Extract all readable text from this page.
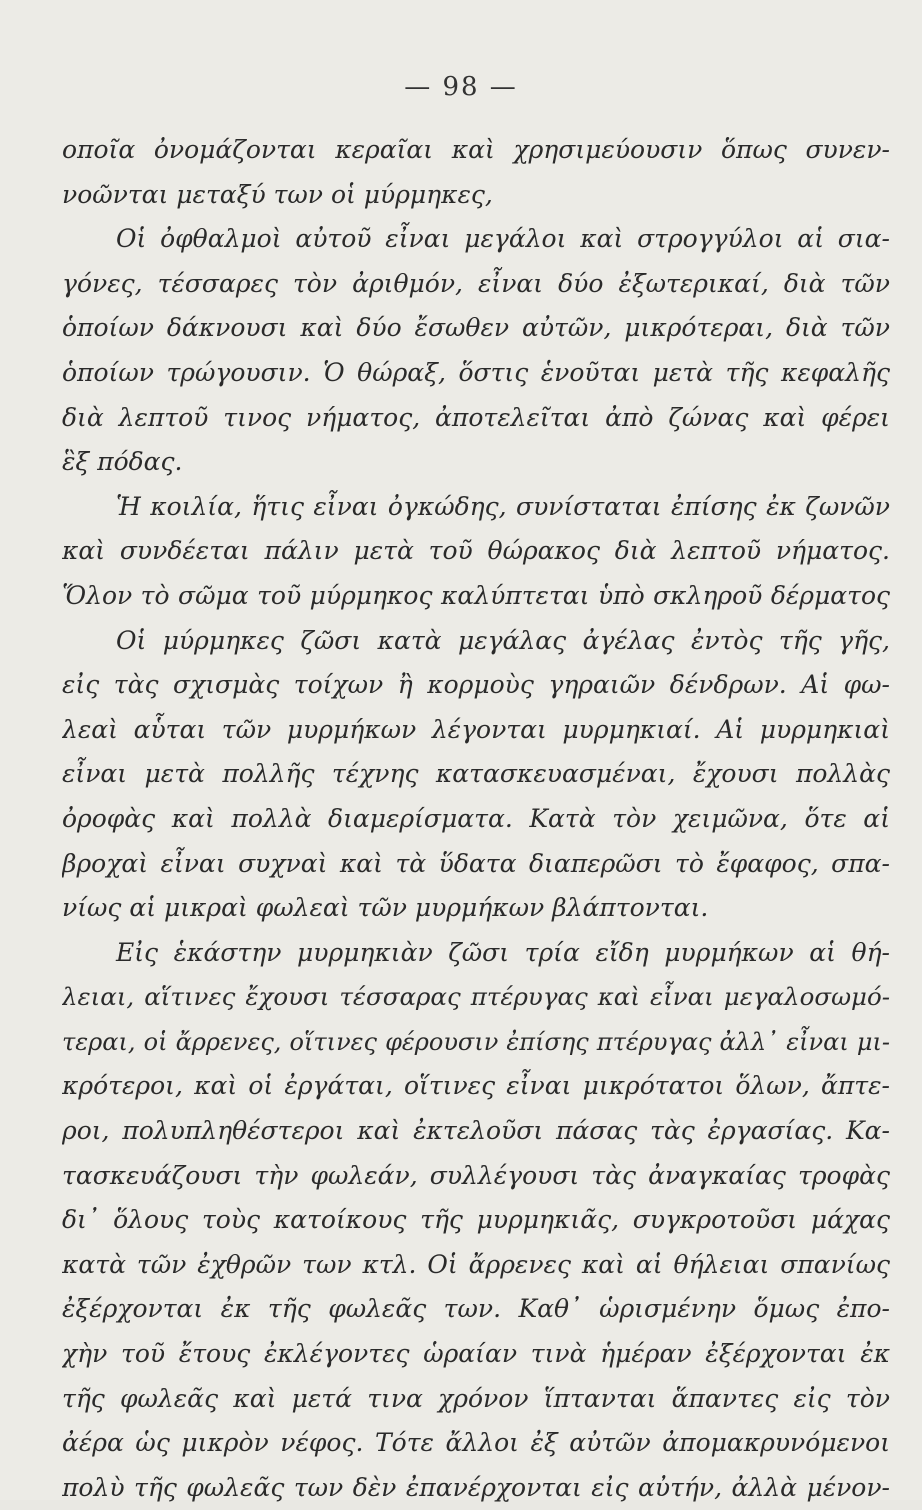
— 98 —
οποῖα ὀνομάζονται κεραῖαι καὶ χρησιμεύουσιν ὅπως συνεν-
νοῶνται μεταξύ των οἱ μύρμηκες,
Οἱ ὀφθαλμοὶ αὐτοῦ εἶναι μεγάλοι καὶ στρογγύλοι αἱ σια-
γόνες, τέσσαρες τὸν ἀριθμόν, εἶναι δύο ἐξωτερικαί, διὰ τῶν
ὁποίων δάκνουσι καὶ δύο ἔσωθεν αὐτῶν, μικρότεραι, διὰ τῶν
ὁποίων τρώγουσιν. Ὁ θώραξ, ὅστις ἑνοῦται μετὰ τῆς κεφαλῆς
διὰ λεπτοῦ τινος νήματος, ἀποτελεῖται ἀπὸ ζώνας καὶ φέρει
ἓξ πόδας.
Ἡ κοιλία, ἥτις εἶναι ὀγκώδης, συνίσταται ἐπίσης ἐκ ζωνῶν
καὶ συνδέεται πάλιν μετὰ τοῦ θώρακος διὰ λεπτοῦ νήματος.
Ὅλον τὸ σῶμα τοῦ μύρμηκος καλύπτεται ὑπὸ σκληροῦ δέρματος
Οἱ μύρμηκες ζῶσι κατὰ μεγάλας ἀγέλας ἐντὸς τῆς γῆς,
εἰς τὰς σχισμὰς τοίχων ἢ κορμοὺς γηραιῶν δένδρων. Αἱ φω-
λεαὶ αὗται τῶν μυρμήκων λέγονται μυρμηκιαί. Αἱ μυρμηκιαὶ
εἶναι μετὰ πολλῆς τέχνης κατασκευασμέναι, ἔχουσι πολλὰς
ὀροφὰς καὶ πολλὰ διαμερίσματα. Κατὰ τὸν χειμῶνα, ὅτε αἱ
βροχαὶ εἶναι συχναὶ καὶ τὰ ὕδατα διαπερῶσι τὸ ἔφαφος, σπα-
νίως αἱ μικραὶ φωλεαὶ τῶν μυρμήκων βλάπτονται.
Εἰς ἑκάστην μυρμηκιὰν ζῶσι τρία εἴδη μυρμήκων αἱ θή-
λειαι, αἵτινες ἔχουσι τέσσαρας πτέρυγας καὶ εἶναι μεγαλοσωμό-
τεραι, οἱ ἄρρενες, οἵτινες φέρουσιν ἐπίσης πτέρυγας ἀλλ᾽ εἶναι μι-
κρότεροι, καὶ οἱ ἐργάται, οἵτινες εἶναι μικρότατοι ὅλων, ἄπτε-
ροι, πολυπληθέστεροι καὶ ἐκτελοῦσι πάσας τὰς ἐργασίας. Κα-
τασκευάζουσι τὴν φωλεάν, συλλέγουσι τὰς ἀναγκαίας τροφὰς
δι᾽ ὅλους τοὺς κατοίκους τῆς μυρμηκιᾶς, συγκροτοῦσι μάχας
κατὰ τῶν ἐχθρῶν των κτλ. Οἱ ἄρρενες καὶ αἱ θήλειαι σπανίως
ἐξέρχονται ἐκ τῆς φωλεᾶς των. Καθ᾽ ὡρισμένην ὅμως ἐπο-
χὴν τοῦ ἔτους ἐκλέγοντες ὡραίαν τινὰ ἡμέραν ἐξέρχονται ἐκ
τῆς φωλεᾶς καὶ μετά τινα χρόνον ἵπτανται ἅπαντες εἰς τὸν
ἀέρα ὡς μικρὸν νέφος. Τότε ἄλλοι ἐξ αὐτῶν ἀπομακρυνόμενοι
πολὺ τῆς φωλεᾶς των δὲν ἐπανέρχονται εἰς αὐτήν, ἀλλὰ μένον-
